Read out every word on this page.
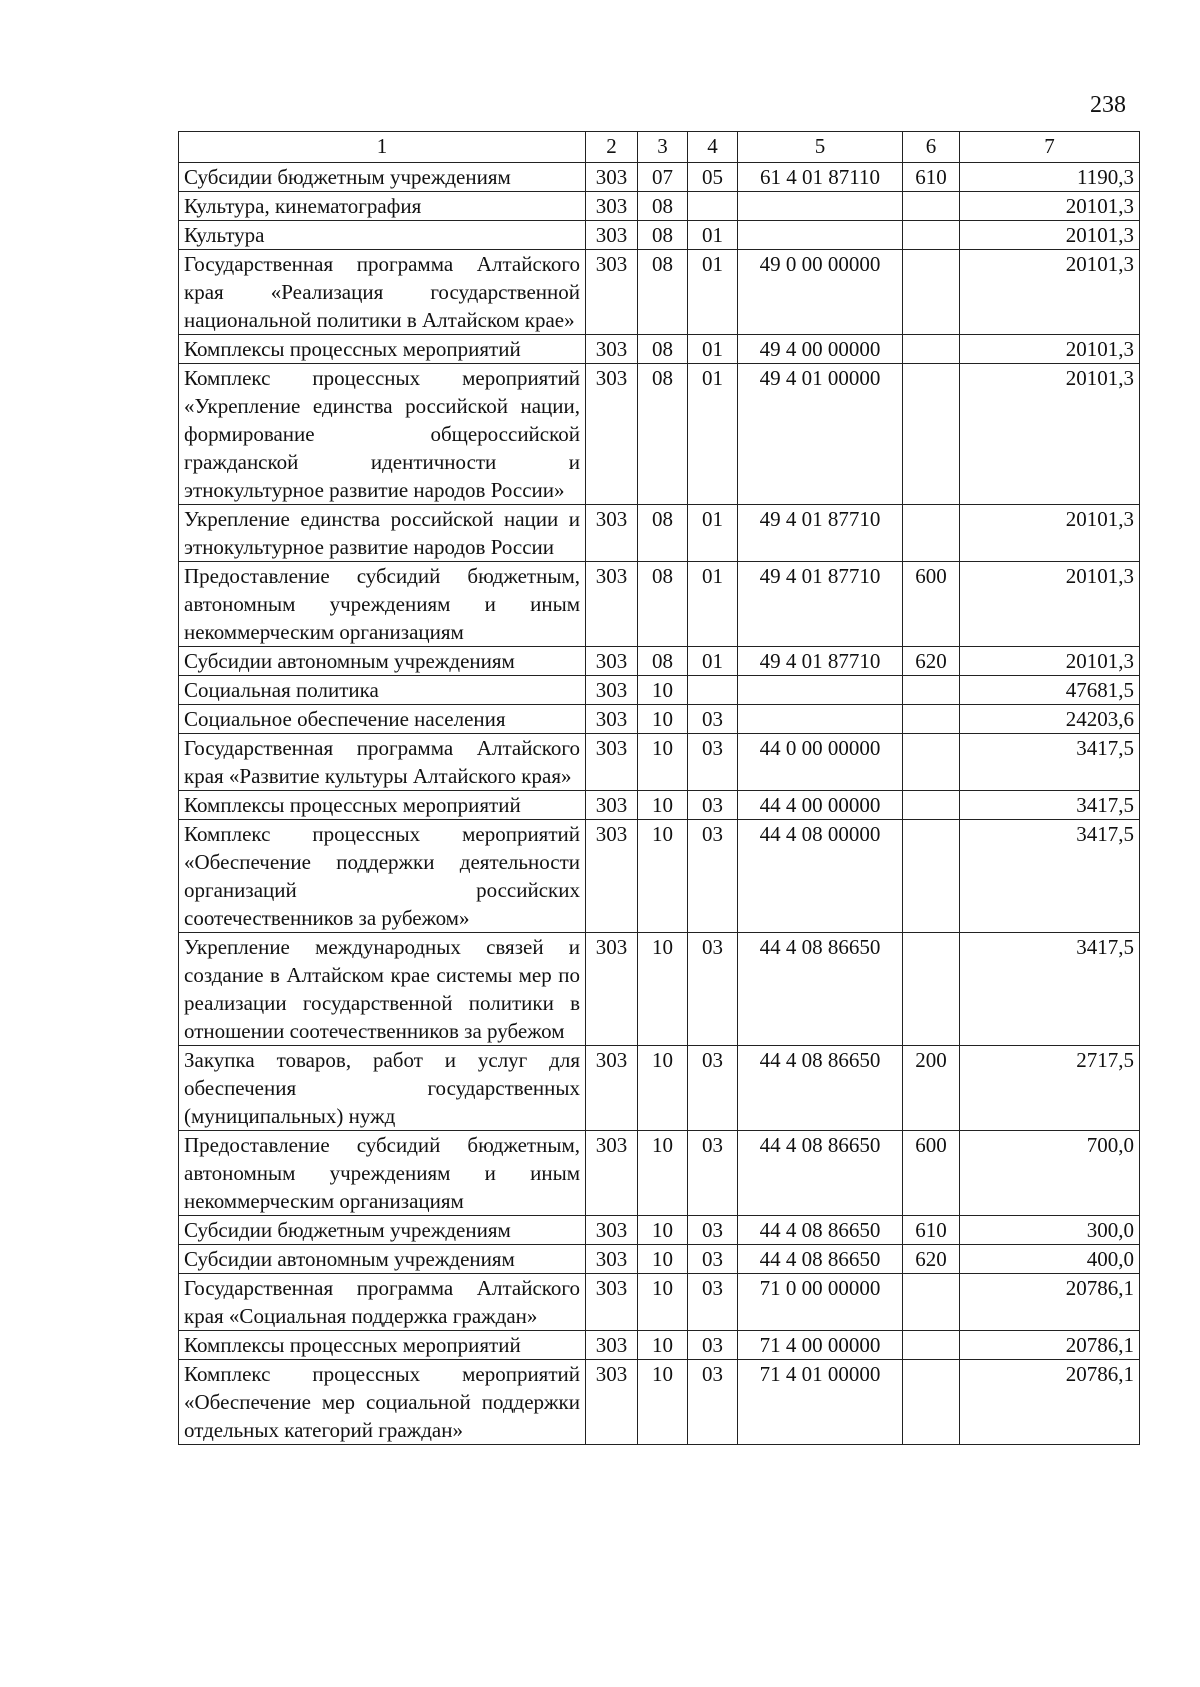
238
1	2	3	4	5	6	7
Субсидии бюджетным учреждениям	303	07	05	61 4 01 87110	610	1190,3
Культура, кинематография	303	08				20101,3
Культура	303	08	01			20101,3
Государственная программа Алтайского края «Реализация государственной национальной политики в Алтайском крае»	303	08	01	49 0 00 00000		20101,3
Комплексы процессных мероприятий	303	08	01	49 4 00 00000		20101,3
Комплекс процессных мероприятий «Укрепление единства российской нации, формирование общероссийской гражданской идентичности и этнокультурное развитие народов России»	303	08	01	49 4 01 00000		20101,3
Укрепление единства российской нации и этнокультурное развитие народов России	303	08	01	49 4 01 87710		20101,3
Предоставление субсидий бюджетным, автономным учреждениям и иным некоммерческим организациям	303	08	01	49 4 01 87710	600	20101,3
Субсидии автономным учреждениям	303	08	01	49 4 01 87710	620	20101,3
Социальная политика	303	10				47681,5
Социальное обеспечение населения	303	10	03			24203,6
Государственная программа Алтайского края «Развитие культуры Алтайского края»	303	10	03	44 0 00 00000		3417,5
Комплексы процессных мероприятий	303	10	03	44 4 00 00000		3417,5
Комплекс процессных мероприятий «Обеспечение поддержки деятельности организаций российских соотечественников за рубежом»	303	10	03	44 4 08 00000		3417,5
Укрепление международных связей и создание в Алтайском крае системы мер по реализации государственной политики в отношении соотечественников за рубежом	303	10	03	44 4 08 86650		3417,5
Закупка товаров, работ и услуг для обеспечения государственных (муниципальных) нужд	303	10	03	44 4 08 86650	200	2717,5
Предоставление субсидий бюджетным, автономным учреждениям и иным некоммерческим организациям	303	10	03	44 4 08 86650	600	700,0
Субсидии бюджетным учреждениям	303	10	03	44 4 08 86650	610	300,0
Субсидии автономным учреждениям	303	10	03	44 4 08 86650	620	400,0
Государственная программа Алтайского края «Социальная поддержка граждан»	303	10	03	71 0 00 00000		20786,1
Комплексы процессных мероприятий	303	10	03	71 4 00 00000		20786,1
Комплекс процессных мероприятий «Обеспечение мер социальной поддержки отдельных категорий граждан»	303	10	03	71 4 01 00000		20786,1
